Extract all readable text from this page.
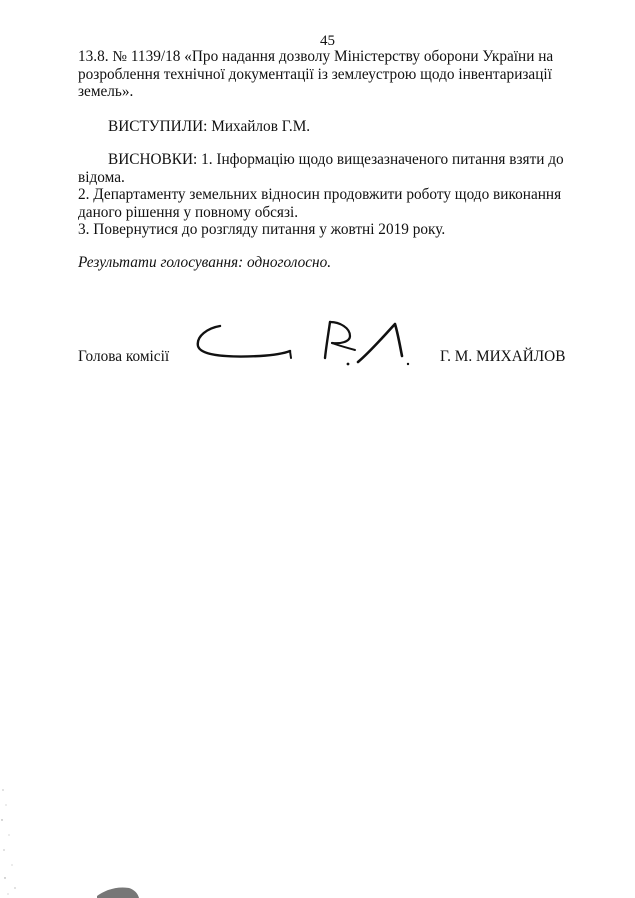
45
13.8. № 1139/18 «Про надання дозволу Міністерству оборони України на
розроблення технічної документації із землеустрою щодо інвентаризації
земель».
ВИСТУПИЛИ: Михайлов Г.М.
ВИСНОВКИ: 1. Інформацію щодо вищезазначеного питання взяти до
відома.
2. Департаменту земельних відносин продовжити роботу щодо виконання
даного рішення у повному обсязі.
3. Повернутися до розгляду питання у жовтні 2019 року.
Результати голосування: одноголосно.
Голова комісії	Г. М. МИХАЙЛОВ
